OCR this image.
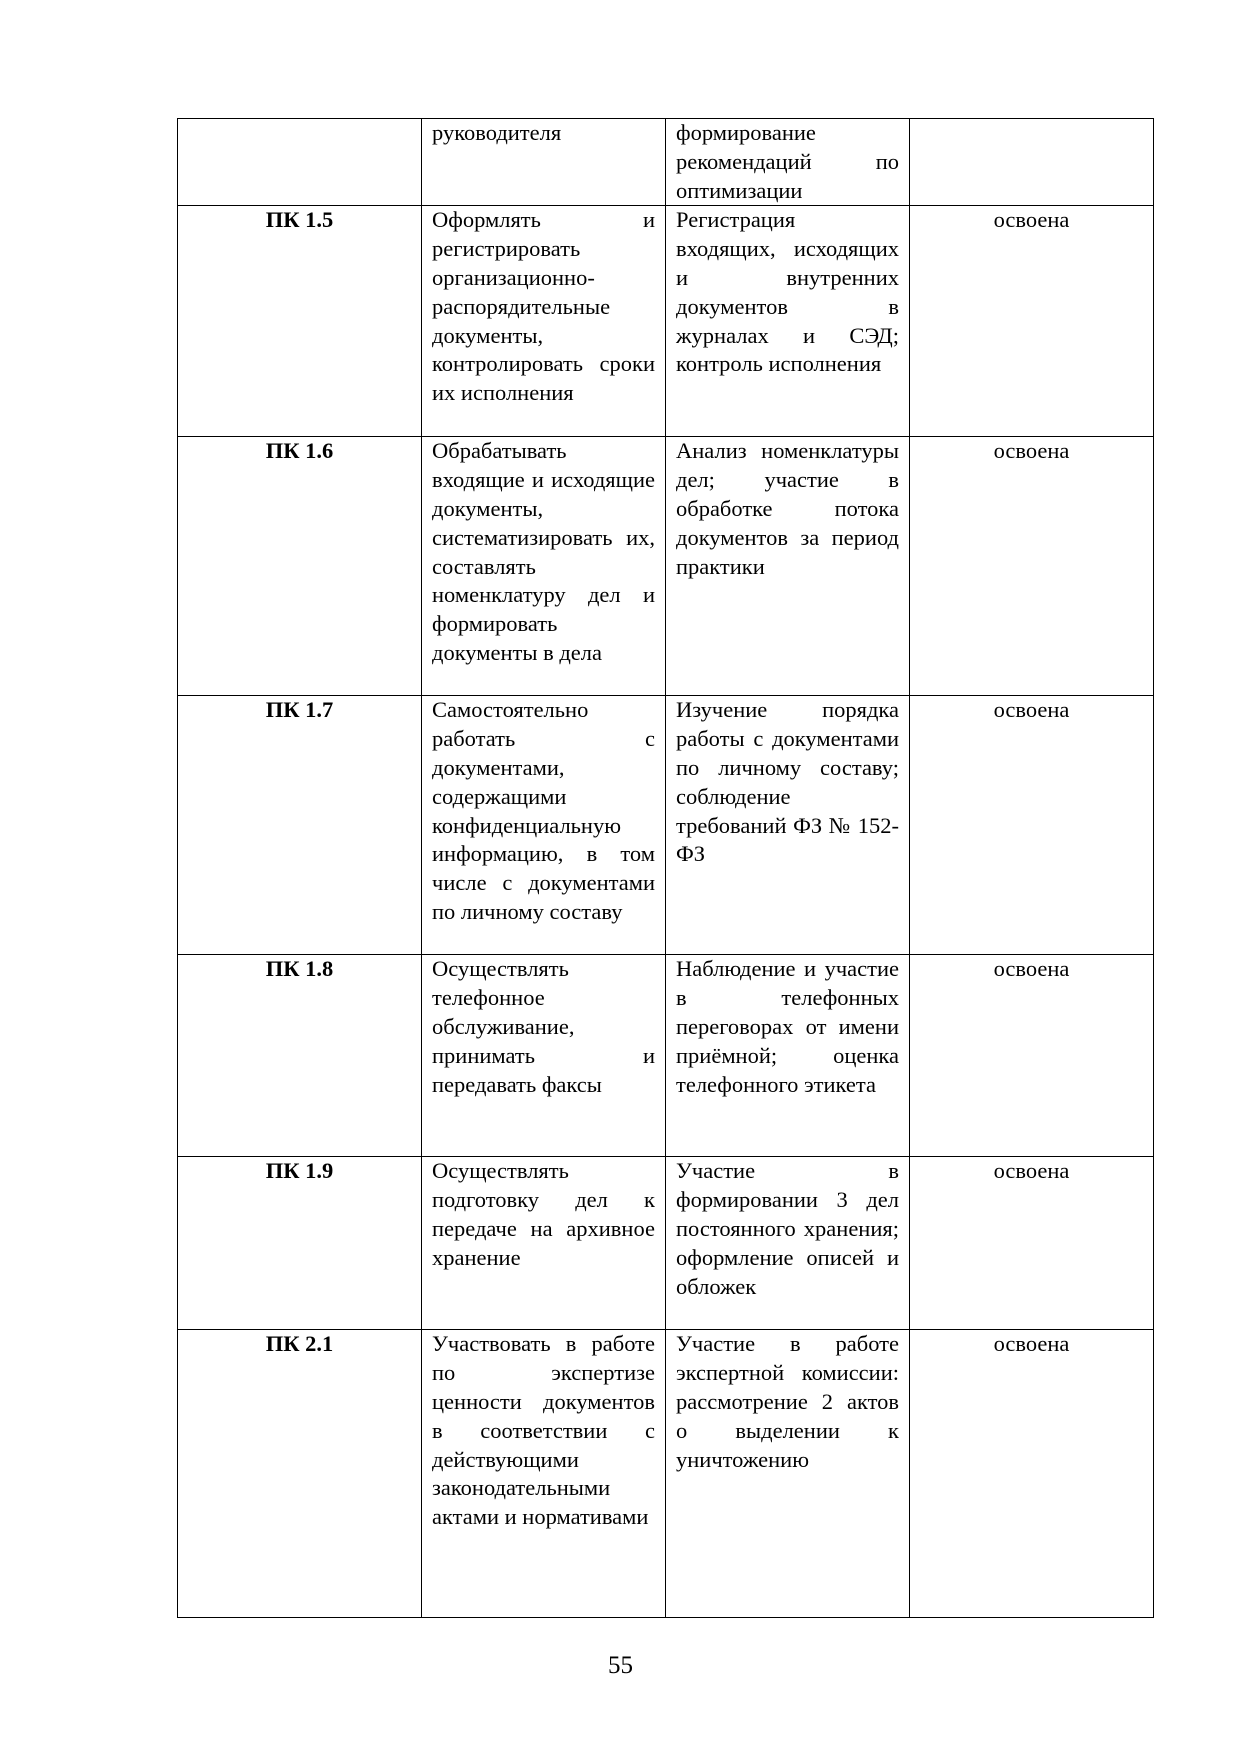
	руководителя	формирование рекомендаций по оптимизации	
ПК 1.5	Оформлять и регистрировать организационно-распорядительные документы, контролировать сроки их исполнения	Регистрация входящих, исходящих и внутренних документов в журналах и СЭД; контроль исполнения	освоена
ПК 1.6	Обрабатывать входящие и исходящие документы, систематизировать их, составлять номенклатуру дел и формировать документы в дела	Анализ номенклатуры дел; участие в обработке потока документов за период практики	освоена
ПК 1.7	Самостоятельно работать с документами, содержащими конфиденциальную информацию, в том числе с документами по личному составу	Изучение порядка работы с документами по личному составу; соблюдение требований ФЗ № 152-ФЗ	освоена
ПК 1.8	Осуществлять телефонное обслуживание, принимать и передавать факсы	Наблюдение и участие в телефонных переговорах от имени приёмной; оценка телефонного этикета	освоена
ПК 1.9	Осуществлять подготовку дел к передаче на архивное хранение	Участие в формировании 3 дел постоянного хранения; оформление описей и обложек	освоена
ПК 2.1	Участвовать в работе по экспертизе ценности документов в соответствии с действующими законодательными актами и нормативами	Участие в работе экспертной комиссии: рассмотрение 2 актов о выделении к уничтожению	освоена
55
